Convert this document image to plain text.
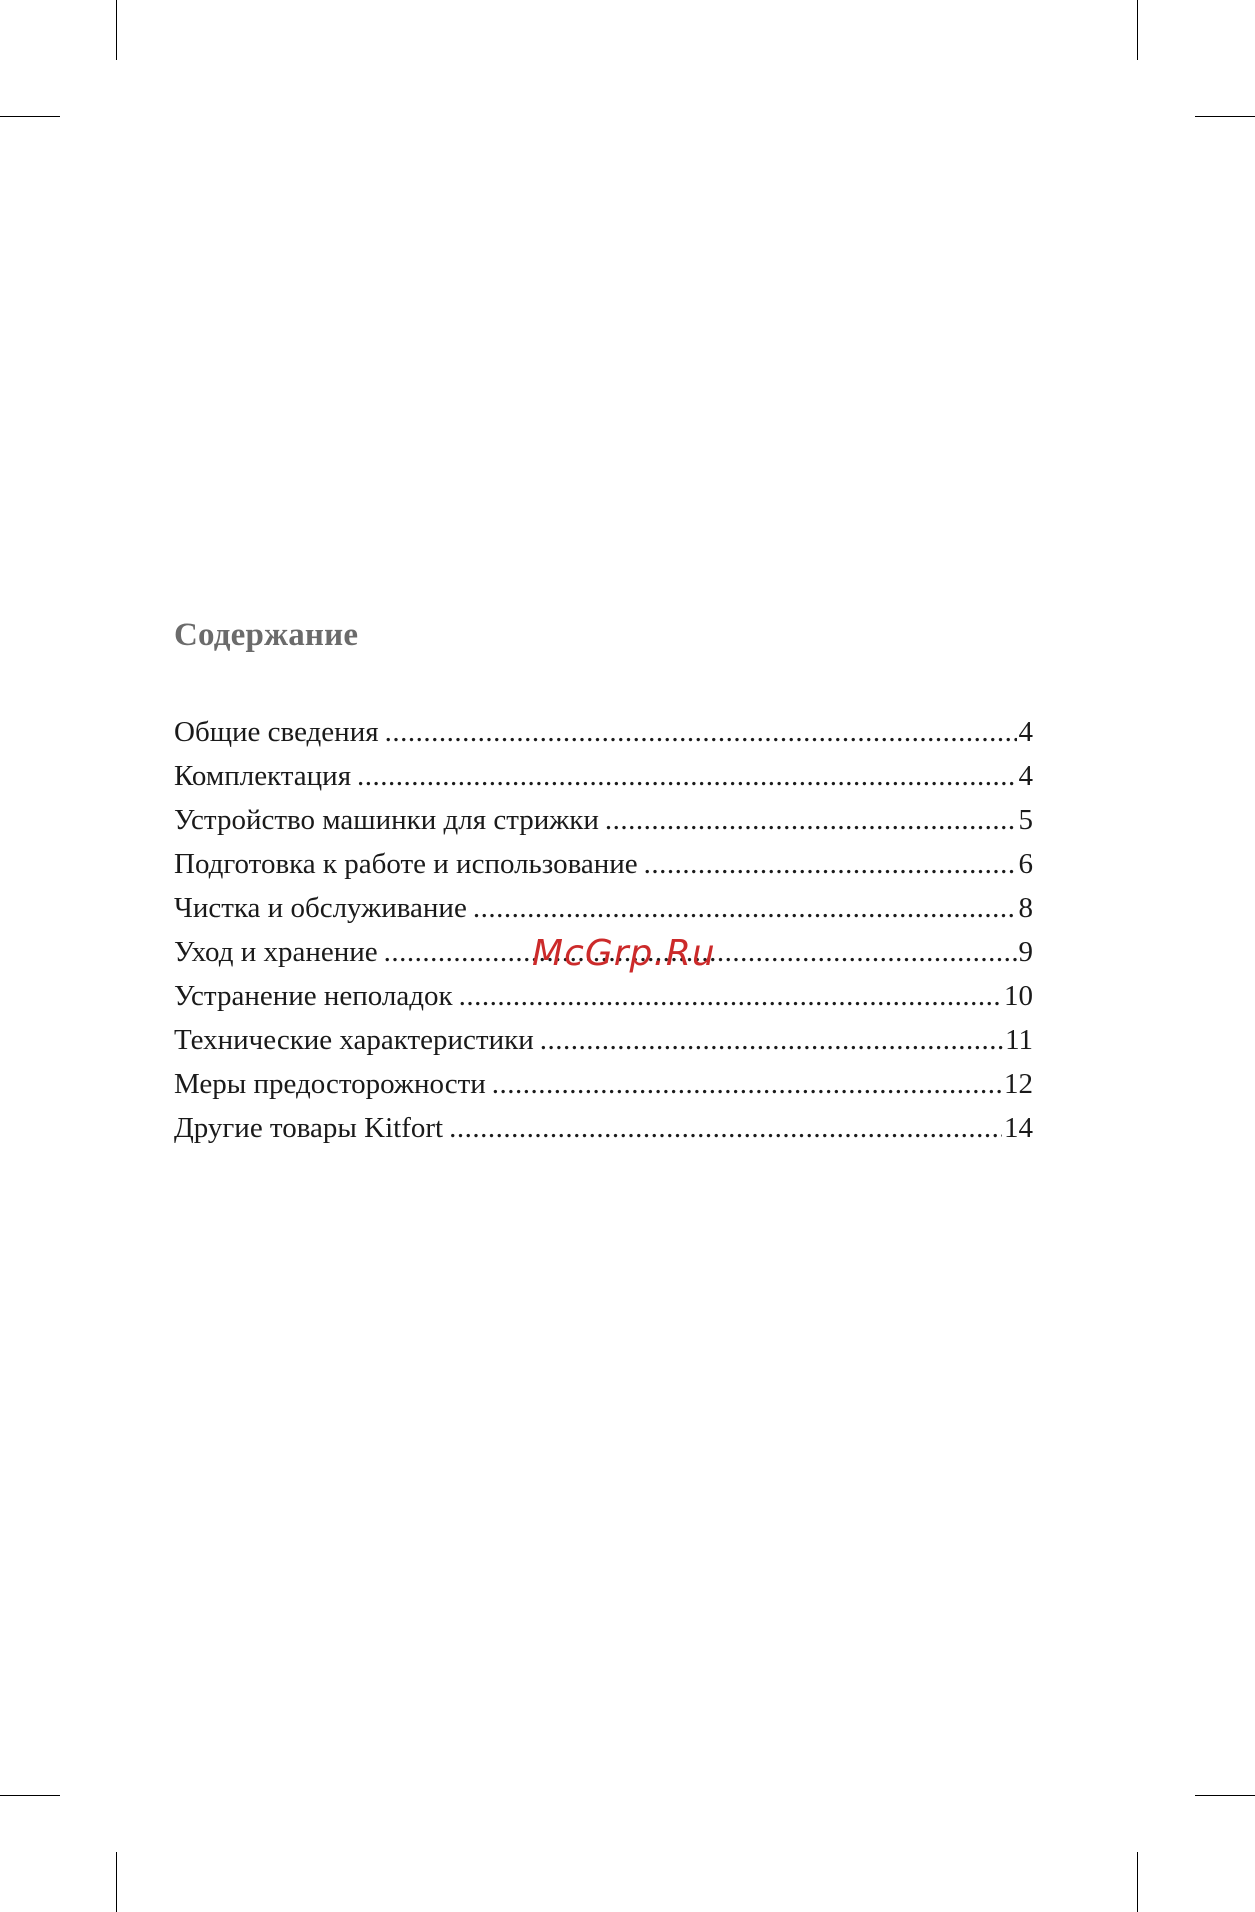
Содержание
Общие сведения .....	4
Комплектация .....	4
Устройство машинки для стрижки .....	5
Подготовка к работе и использование .....	6
Чистка и обслуживание .....	8
Уход и хранение .....	9
Устранение неполадок .....	10
Технические характеристики .....	11
Меры предосторожности .....	12
Другие товары Kitfort .....	14
McGrp.Ru
